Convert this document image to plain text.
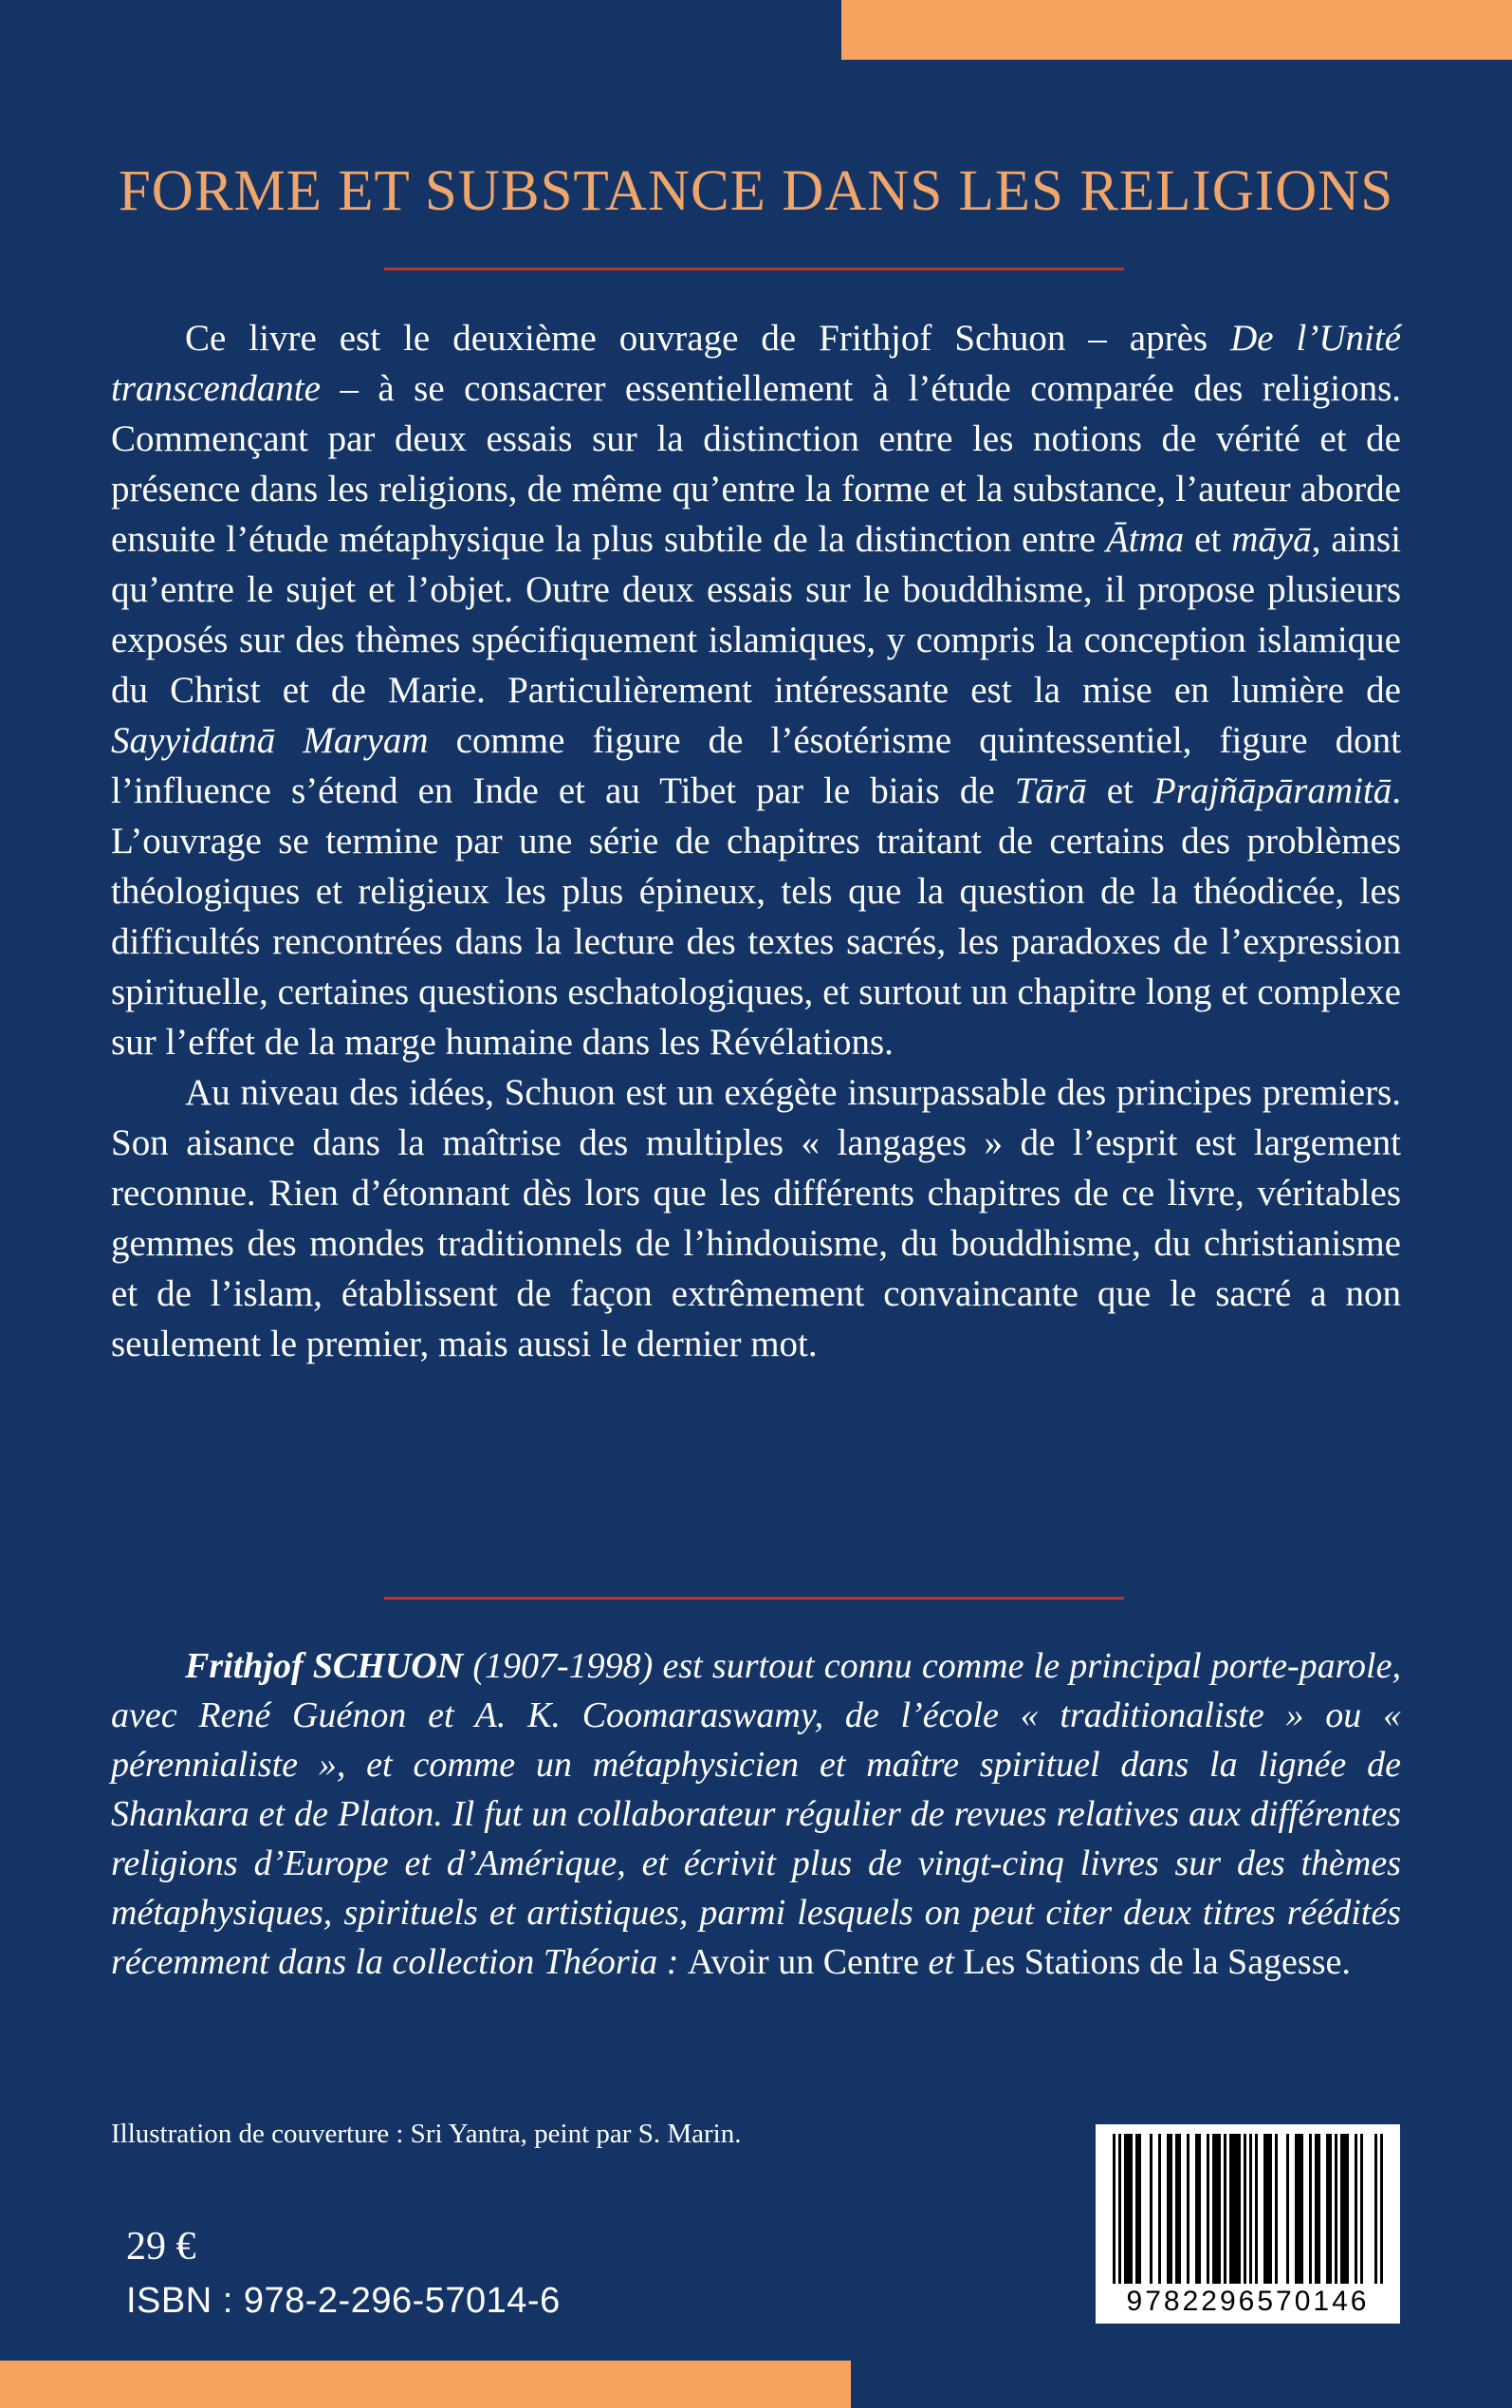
FORME ET SUBSTANCE DANS LES RELIGIONS

Ce livre est le deuxième ouvrage de Frithjof Schuon – après De l’Unité transcendante – à se consacrer essentiellement à l’étude comparée des religions. Commençant par deux essais sur la distinction entre les notions de vérité et de présence dans les religions, de même qu’entre la forme et la substance, l’auteur aborde ensuite l’étude métaphysique la plus subtile de la distinction entre Ātma et māyā, ainsi qu’entre le sujet et l’objet. Outre deux essais sur le bouddhisme, il propose plusieurs exposés sur des thèmes spécifiquement islamiques, y compris la conception islamique du Christ et de Marie. Particulièrement intéressante est la mise en lumière de Sayyidatnā Maryam comme figure de l’ésotérisme quintessentiel, figure dont l’influence s’étend en Inde et au Tibet par le biais de Tārā et Prajñāpāramitā. L’ouvrage se termine par une série de chapitres traitant de certains des problèmes théologiques et religieux les plus épineux, tels que la question de la théodicée, les difficultés rencontrées dans la lecture des textes sacrés, les paradoxes de l’expression spirituelle, certaines questions eschatologiques, et surtout un chapitre long et complexe sur l’effet de la marge humaine dans les Révélations.

Au niveau des idées, Schuon est un exégète insurpassable des principes premiers. Son aisance dans la maîtrise des multiples « langages » de l’esprit est largement reconnue. Rien d’étonnant dès lors que les différents chapitres de ce livre, véritables gemmes des mondes traditionnels de l’hindouisme, du bouddhisme, du christianisme et de l’islam, établissent de façon extrêmement convaincante que le sacré a non seulement le premier, mais aussi le dernier mot.

Frithjof SCHUON (1907-1998) est surtout connu comme le principal porte-parole, avec René Guénon et A. K. Coomaraswamy, de l’école « traditionaliste » ou « pérennialiste », et comme un métaphysicien et maître spirituel dans la lignée de Shankara et de Platon. Il fut un collaborateur régulier de revues relatives aux différentes religions d’Europe et d’Amérique, et écrivit plus de vingt-cinq livres sur des thèmes métaphysiques, spirituels et artistiques, parmi lesquels on peut citer deux titres réédités récemment dans la collection Théoria : Avoir un Centre et Les Stations de la Sagesse.
Illustration de couverture : Sri Yantra, peint par S. Marin.
29 €
ISBN : 978-2-296-57014-6	9782296570146
